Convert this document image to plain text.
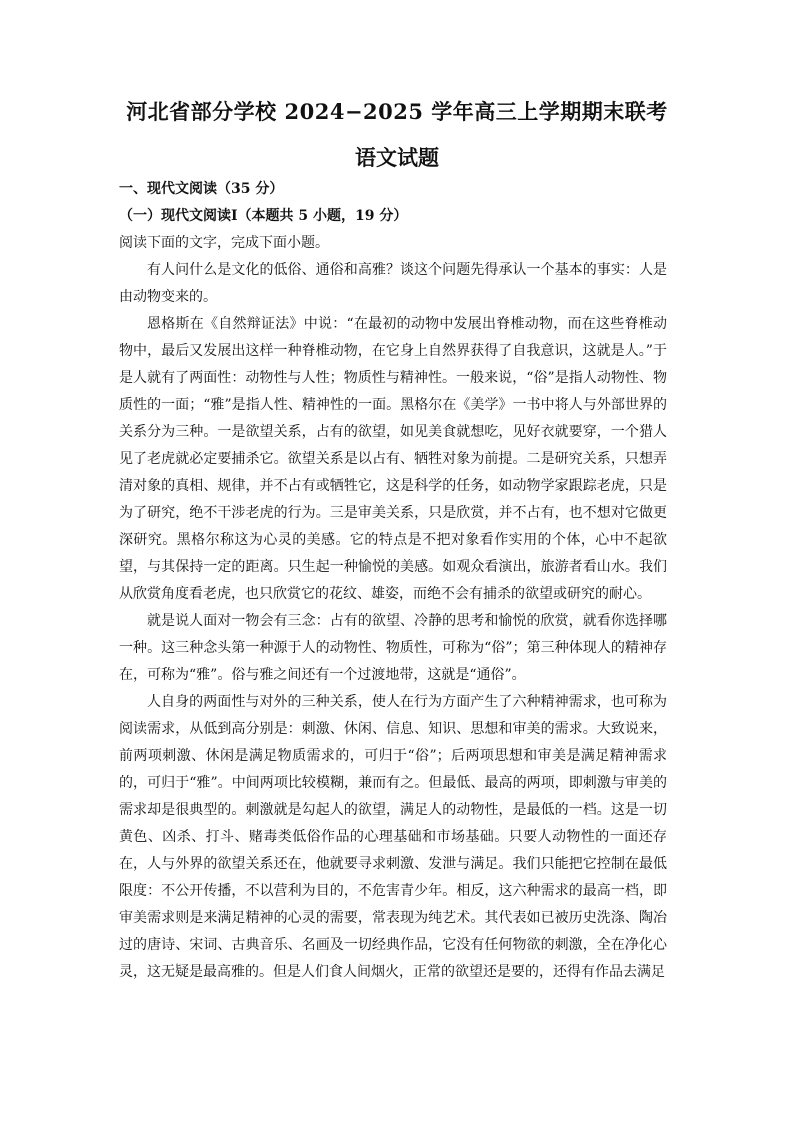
河北省部分学校 2024−2025 学年高三上学期期末联考
语文试题
一、现代文阅读（35 分）
（一）现代文阅读Ⅰ（本题共 5 小题，19 分）

阅读下面的文字，完成下面小题。

有人问什么是文化的低俗、通俗和高雅？谈这个问题先得承认一个基本的事实：人是由动物变来的。

恩格斯在《自然辩证法》中说：“在最初的动物中发展出脊椎动物，而在这些脊椎动物中，最后又发展出这样一种脊椎动物，在它身上自然界获得了自我意识，这就是人。”于是人就有了两面性：动物性与人性；物质性与精神性。一般来说，“俗”是指人动物性、物质性的一面；“雅”是指人性、精神性的一面。黑格尔在《美学》一书中将人与外部世界的关系分为三种。一是欲望关系，占有的欲望，如见美食就想吃，见好衣就要穿，一个猎人见了老虎就必定要捕杀它。欲望关系是以占有、牺牲对象为前提。二是研究关系，只想弄清对象的真相、规律，并不占有或牺牲它，这是科学的任务，如动物学家跟踪老虎，只是为了研究，绝不干涉老虎的行为。三是审美关系，只是欣赏，并不占有，也不想对它做更深研究。黑格尔称这为心灵的美感。它的特点是不把对象看作实用的个体，心中不起欲望，与其保持一定的距离。只生起一种愉悦的美感。如观众看演出，旅游者看山水。我们从欣赏角度看老虎，也只欣赏它的花纹、雄姿，而绝不会有捕杀的欲望或研究的耐心。

就是说人面对一物会有三念：占有的欲望、冷静的思考和愉悦的欣赏，就看你选择哪一种。这三种念头第一种源于人的动物性、物质性，可称为“俗”；第三种体现人的精神存在，可称为“雅”。俗与雅之间还有一个过渡地带，这就是“通俗”。

人自身的两面性与对外的三种关系，使人在行为方面产生了六种精神需求，也可称为阅读需求，从低到高分别是：刺激、休闲、信息、知识、思想和审美的需求。大致说来，前两项刺激、休闲是满足物质需求的，可归于“俗”；后两项思想和审美是满足精神需求的，可归于“雅”。中间两项比较模糊，兼而有之。但最低、最高的两项，即刺激与审美的需求却是很典型的。刺激就是勾起人的欲望，满足人的动物性，是最低的一档。这是一切黄色、凶杀、打斗、赌毒类低俗作品的心理基础和市场基础。只要人动物性的一面还存在，人与外界的欲望关系还在，他就要寻求刺激、发泄与满足。我们只能把它控制在最低限度：不公开传播，不以营利为目的，不危害青少年。相反，这六种需求的最高一档，即审美需求则是来满足精神的心灵的需要，常表现为纯艺术。其代表如已被历史洗涤、陶冶过的唐诗、宋词、古典音乐、名画及一切经典作品，它没有任何物欲的刺激，全在净化心灵，这无疑是最高雅的。但是人们食人间烟火，正常的欲望还是要的，还得有作品去满足
